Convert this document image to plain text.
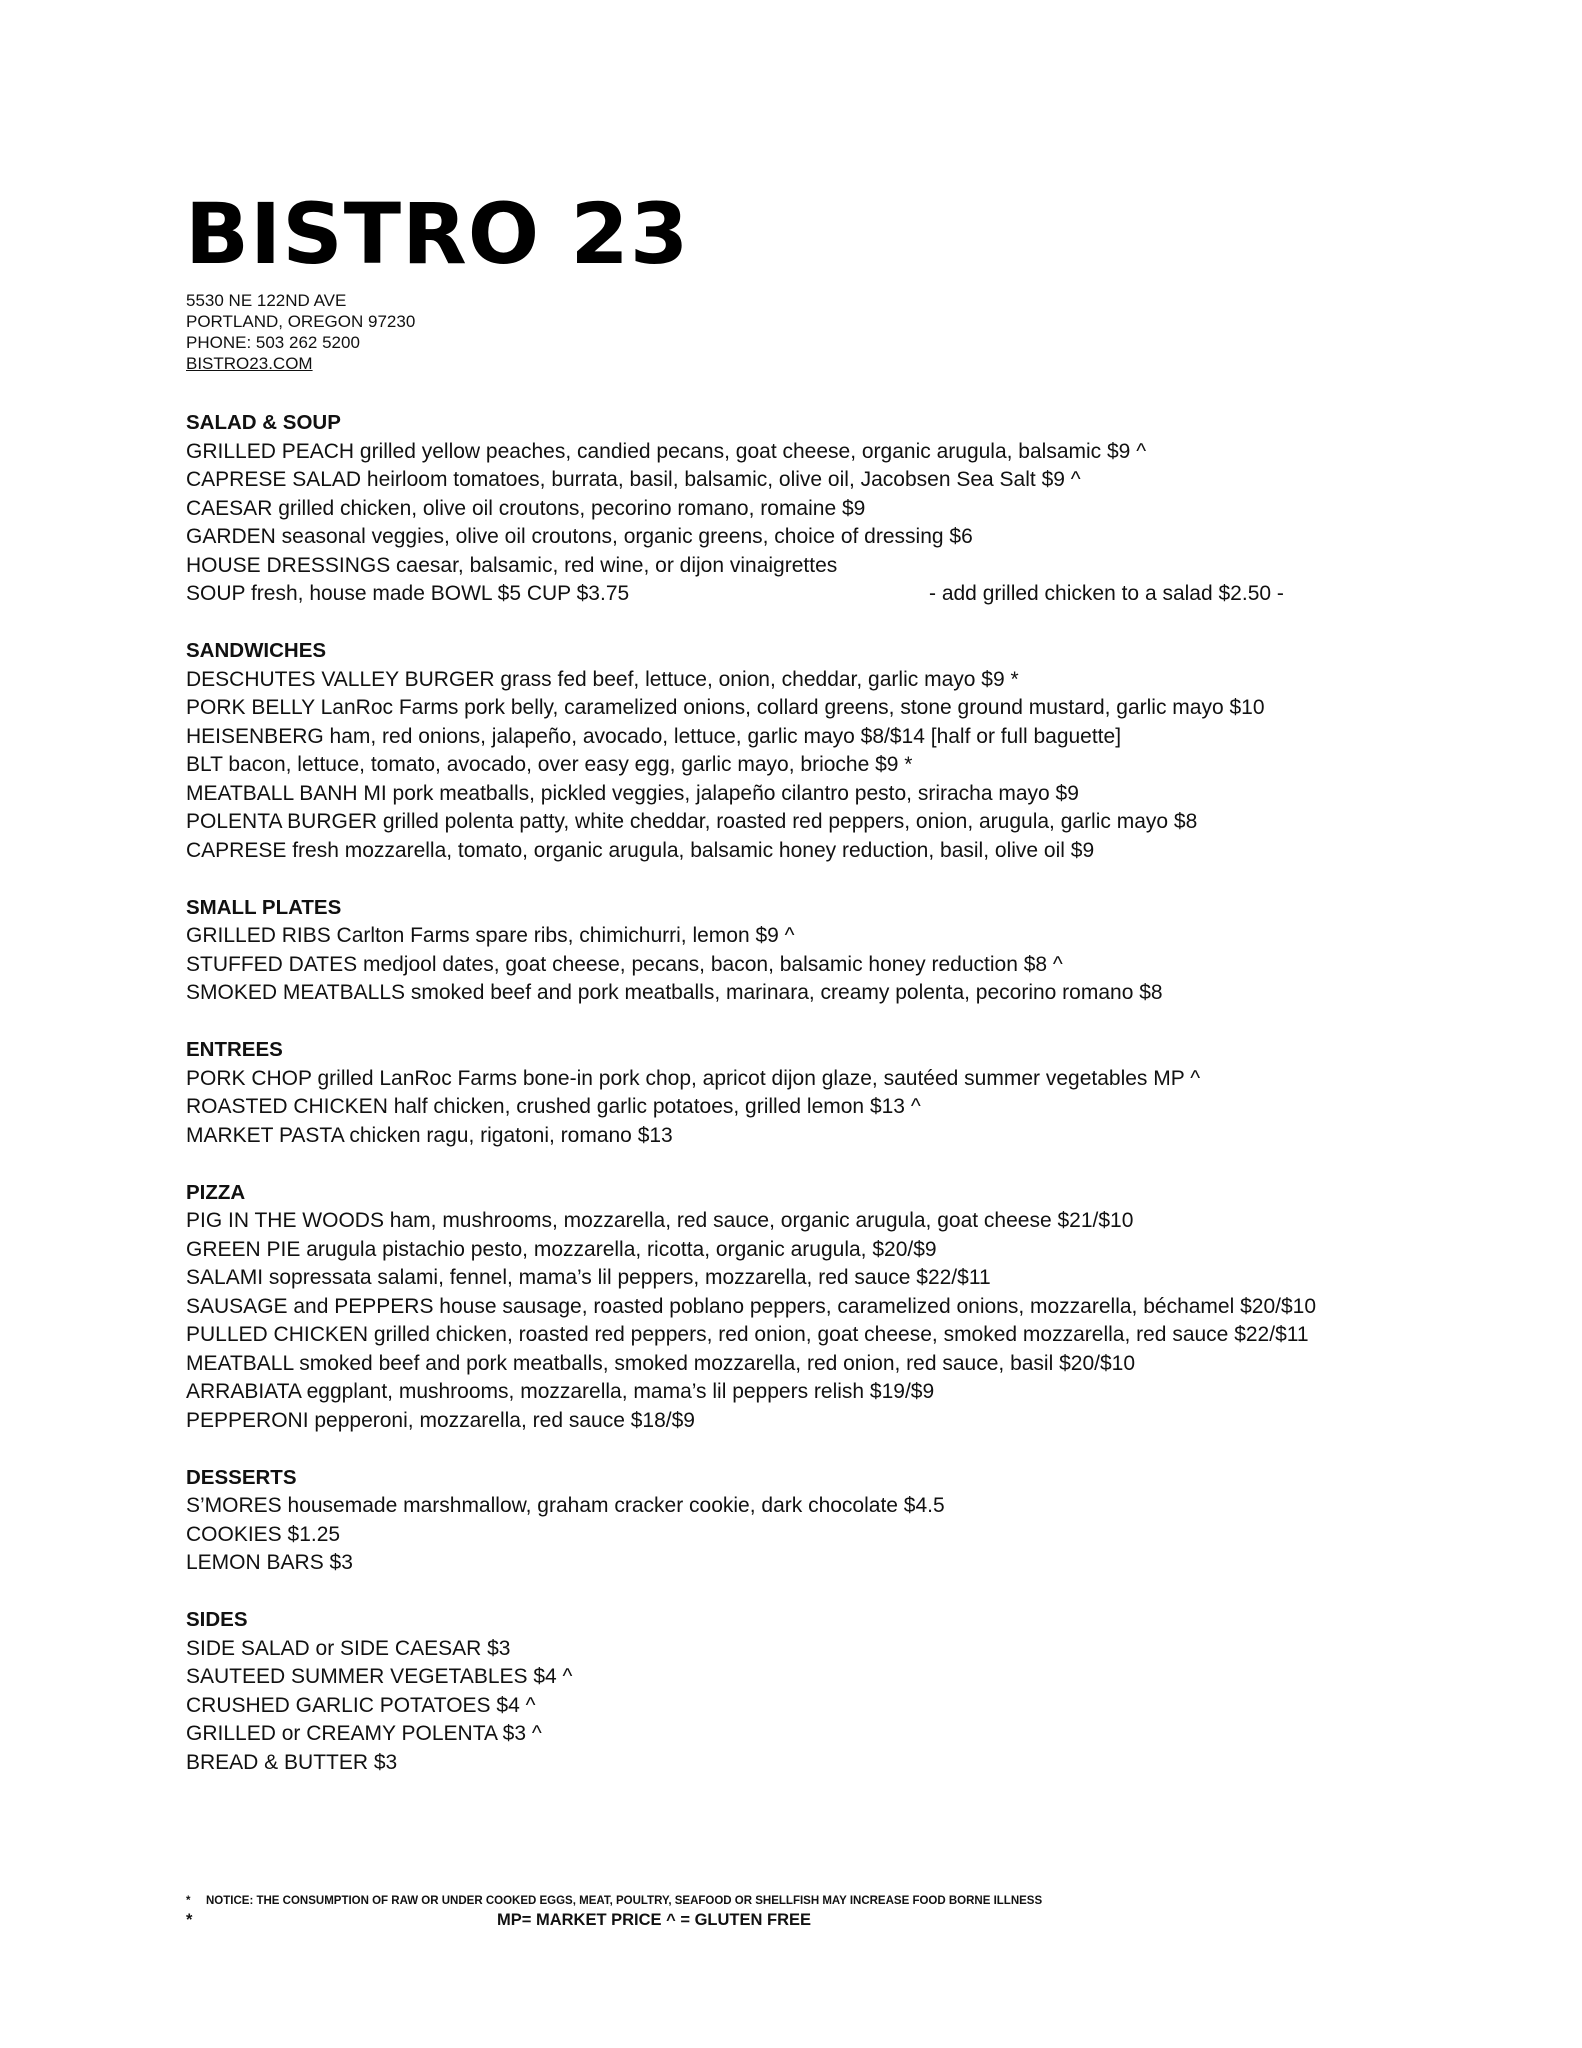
BISTRO 23
5530 NE 122ND AVE
PORTLAND, OREGON 97230
PHONE: 503 262 5200
BISTRO23.COM
SALAD & SOUP
GRILLED PEACH grilled yellow peaches, candied pecans, goat cheese, organic arugula, balsamic $9 ^
CAPRESE SALAD heirloom tomatoes, burrata, basil, balsamic, olive oil, Jacobsen Sea Salt $9 ^
CAESAR grilled chicken, olive oil croutons, pecorino romano, romaine $9
GARDEN seasonal veggies, olive oil croutons, organic greens, choice of dressing $6
HOUSE DRESSINGS caesar, balsamic, red wine, or dijon vinaigrettes
SOUP fresh, house made BOWL $5 CUP $3.75	- add grilled chicken to a salad $2.50 -
SANDWICHES
DESCHUTES VALLEY BURGER grass fed beef, lettuce, onion, cheddar, garlic mayo $9 *
PORK BELLY LanRoc Farms pork belly, caramelized onions, collard greens, stone ground mustard, garlic mayo $10
HEISENBERG ham, red onions, jalapeño, avocado, lettuce, garlic mayo $8/$14 [half or full baguette]
BLT bacon, lettuce, tomato, avocado, over easy egg, garlic mayo, brioche $9 *
MEATBALL BANH MI pork meatballs, pickled veggies, jalapeño cilantro pesto, sriracha mayo $9
POLENTA BURGER grilled polenta patty, white cheddar, roasted red peppers, onion, arugula, garlic mayo $8
CAPRESE fresh mozzarella, tomato, organic arugula, balsamic honey reduction, basil, olive oil $9
SMALL PLATES
GRILLED RIBS Carlton Farms spare ribs, chimichurri, lemon $9 ^
STUFFED DATES medjool dates, goat cheese, pecans, bacon, balsamic honey reduction $8 ^
SMOKED MEATBALLS smoked beef and pork meatballs, marinara, creamy polenta, pecorino romano $8
ENTREES
PORK CHOP grilled LanRoc Farms bone-in pork chop, apricot dijon glaze, sautéed summer vegetables MP ^
ROASTED CHICKEN half chicken, crushed garlic potatoes, grilled lemon $13 ^
MARKET PASTA chicken ragu, rigatoni, romano $13
PIZZA
PIG IN THE WOODS ham, mushrooms, mozzarella, red sauce, organic arugula, goat cheese $21/$10
GREEN PIE arugula pistachio pesto, mozzarella, ricotta, organic arugula, $20/$9
SALAMI sopressata salami, fennel, mama’s lil peppers, mozzarella, red sauce $22/$11
SAUSAGE and PEPPERS house sausage, roasted poblano peppers, caramelized onions, mozzarella, béchamel $20/$10
PULLED CHICKEN grilled chicken, roasted red peppers, red onion, goat cheese, smoked mozzarella, red sauce $22/$11
MEATBALL smoked beef and pork meatballs, smoked mozzarella, red onion, red sauce, basil $20/$10
ARRABIATA eggplant, mushrooms, mozzarella, mama’s lil peppers relish $19/$9
PEPPERONI pepperoni, mozzarella, red sauce $18/$9
DESSERTS
S’MORES housemade marshmallow, graham cracker cookie, dark chocolate $4.5
COOKIES $1.25
LEMON BARS $3
SIDES
SIDE SALAD or SIDE CAESAR $3
SAUTEED SUMMER VEGETABLES $4 ^
CRUSHED GARLIC POTATOES $4 ^
GRILLED or CREAMY POLENTA $3 ^
BREAD & BUTTER $3
* NOTICE: THE CONSUMPTION OF RAW OR UNDER COOKED EGGS, MEAT, POULTRY, SEAFOOD OR SHELLFISH MAY INCREASE FOOD BORNE ILLNESS
*	MP= MARKET PRICE ^ = GLUTEN FREE
